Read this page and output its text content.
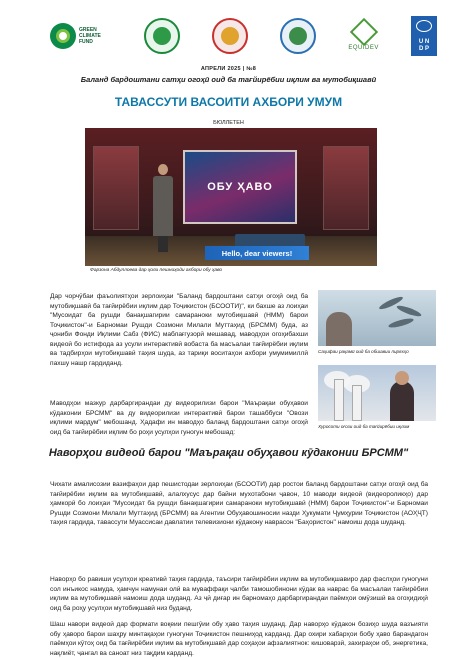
GREEN
CLIMATE
FUND
EQUIDEV
U N
D P
АПРЕЛИ 2025 | №8
Баланд бардоштани сатҳи огоҳӣ оид ба тағйирёбии иқлим ва мутобиқшавӣ
ТАВАССУТИ ВАСОИТИ АХБОРИ УМУМ
БЮЛЛЕТЕН
ОБУ ҲАВО
Hello, dear viewers!
Фарзона Абдуллоева дар ҳоли пешниҳоди ахбори обу ҳаво

Дар чорчӯбаи фаъолиятҳои зерлоиҳаи "Баланд бардоштани сатҳи огоҳӣ оид ба мутобиқшавӣ ба тағйирёбии иқлим дар Тоҷикистон (БСООТИ)", ки бахше аз лоиҳаи "Мусоидат ба рушди банақшагирии самараноки мутобиқшавӣ (НММ) барои Тоҷикистон"-и Барномаи Рушди Созмони Милали Муттаҳид (БРСММ) буда, аз ҷониби Фонди Иқлими Сабз (ФИС) маблағгузорӣ мешавад, маводҳои огоҳибахши видеоӣ бо истифода аз усули интерактивӣ вобаста ба масъалаи тағйирёбии иқлим ва тадбирҳои мутобиқшавӣ таҳия шуда, аз тариқи воситаҳои ахбори умумимиллӣ пахшу нашр гардиданд.

Саҳифаи рақамӣ оид ба обшавии пиряхҳо
Хуросоти оғози оид ба тағйирёбии иқлим

Маводҳои мазкур дарбаргирандаи ду видеорилизи барои "Маърақаи обуҳавои кӯдаконии БРСММ" ва ду видеорилизи интерактивӣ барои ташаббуси "Овози иқлими мардум" мебошанд. Ҳадафи ин маводҳо баланд бардоштани сатҳи огоҳӣ оид ба тағйирёбии иқлим бо роҳи усулҳои гуногун мебошад:

Наворҳои видеоӣ барои "Маърақаи обуҳавои кӯдаконии БРСММ"

Чихати амалисозии вазифаҳои дар пешистодаи зерлоиҳаи (БСООТИ) дар ростои баланд бардоштани сатҳи огоҳӣ оид ба тағйирёбии иқлим ва мутобиқшавӣ, алалхусус дар байни мухотабони ҷавон, 10 маводи видеоӣ (видеороликҳо) дар ҳамкорӣ бо лоиҳаи "Мусоидат ба рушди банақшагирии самараноки мутобиқшавӣ (НММ) барои Тоҷикистон"-и Барномаи Рушди Созмони Милали Муттаҳид (БРСММ) ва Агентии Обуҳавошиносии назди Ҳукумати Ҷумҳурии Тоҷикистон (АОҲҶТ) таҳия гардида, тавассути Муассисаи давлатии телевизиони кӯдакону наврасон "Баҳористон" намоиш дода шуданд.

Наворҳо бо равиши усулҳои креативӣ таҳия гардида, таъсири тағйирёбии иқлим ва мутобиқшавиро дар фаслҳои гуногуни сол инъикос намуда, ҳамчун намунаи олӣ ва муваффақи ҷалби тамошобинони кӯдак ва наврас ба масъалаи тағйирёбии иқлим ва мутобиқшавӣ намоиш дода шуданд. Аз ҷӣ диғар ин барномаҳо дарбаргирандаи паёмҳои омӯзишӣ ва огоҳидиҳӣ оид ба роҳу усулҳои мутобиқшавӣ низ буданд.

Шаш навори видеоӣ дар формати воқеии пешгӯии обу ҳаво таҳия шуданд. Дар наворҳо кӯдакон бозиҳо шуда вазъияти обу ҳаворо барои шаҳру минтақаҳои гуногуни Тоҷикистон пешниҳод карданд. Дар охири хабарҳои бобу ҳаво барандагон паёмҳои кӯтоҳ оид ба тағйирёбии иқлим ва мутобиқшавӣ дар соҳаҳои афзалиятнок: кишоварзӣ, захираҳои об, энергетика, нақлиёт, ҷангал ва саноат низ тақдим карданд.
